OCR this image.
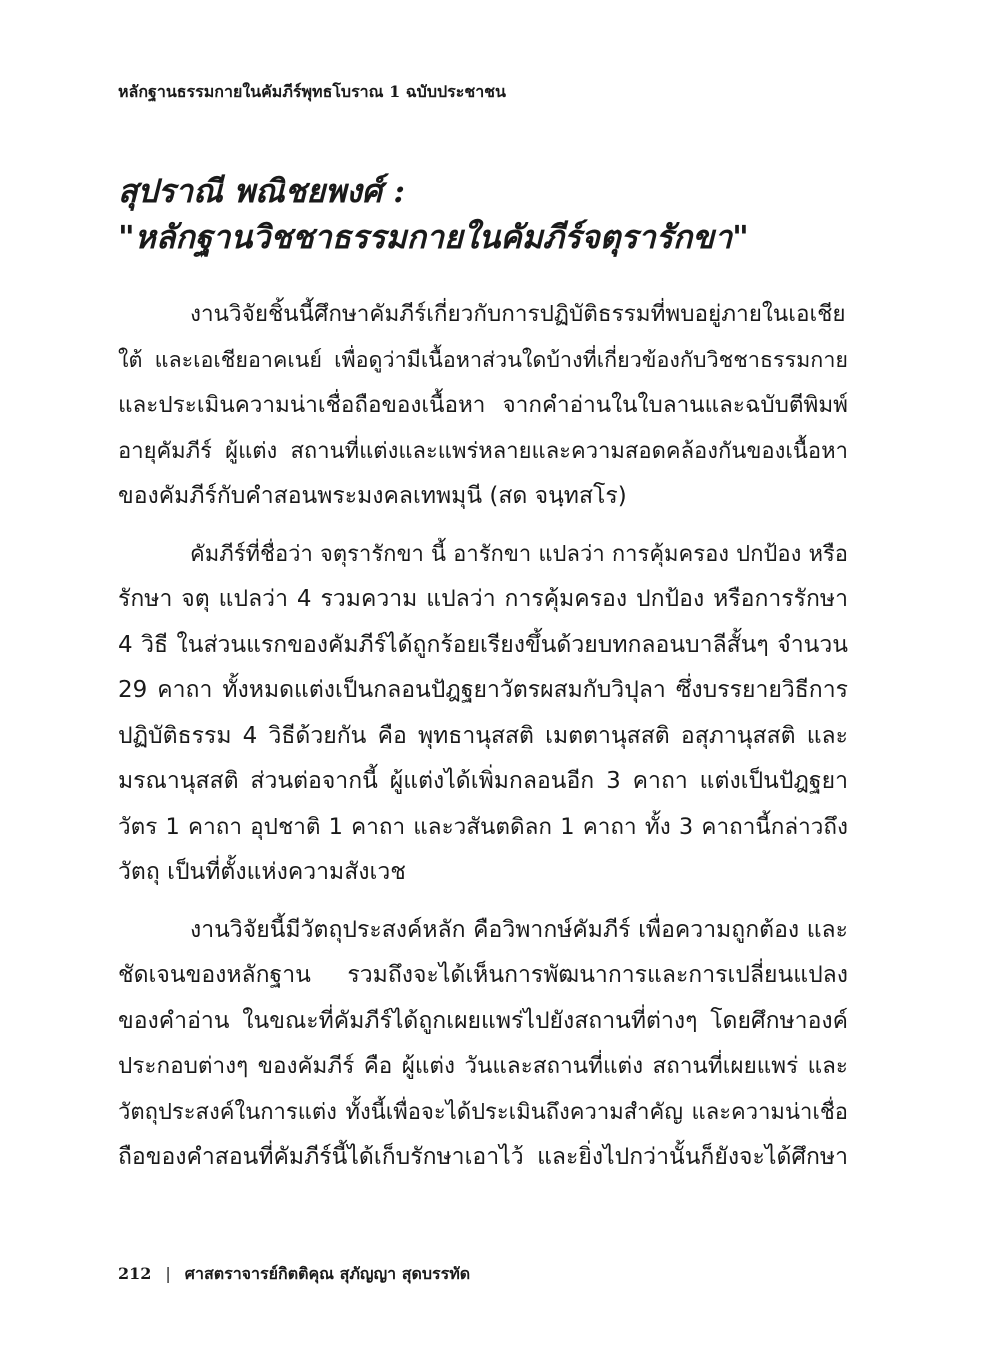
หลักฐานธรรมกายในคัมภีร์พุทธโบราณ 1 ฉบับประชาชน
สุปราณี พณิชยพงศ์ :
"หลักฐานวิชชาธรรมกายในคัมภีร์จตุรารักขา"
งานวิจัยชิ้นนี้ศึกษาคัมภีร์เกี่ยวกับการปฏิบัติธรรมที่พบอยู่ภายในเอเชีย
ใต้ และเอเชียอาคเนย์ เพื่อดูว่ามีเนื้อหาส่วนใดบ้างที่เกี่ยวข้องกับวิชชาธรรมกาย
และประเมินความน่าเชื่อถือของเนื้อหา จากคำอ่านในใบลานและฉบับตีพิมพ์
อายุคัมภีร์ ผู้แต่ง สถานที่แต่งและแพร่หลายและความสอดคล้องกันของเนื้อหา
ของคัมภีร์กับคำสอนพระมงคลเทพมุนี (สด จนฺทสโร)
คัมภีร์ที่ชื่อว่า จตุรารักขา นี้ อารักขา แปลว่า การคุ้มครอง ปกป้อง หรือ
รักษา จตุ แปลว่า 4 รวมความ แปลว่า การคุ้มครอง ปกป้อง หรือการรักษา
4 วิธี ในส่วนแรกของคัมภีร์ได้ถูกร้อยเรียงขึ้นด้วยบทกลอนบาลีสั้นๆ จำนวน
29 คาถา ทั้งหมดแต่งเป็นกลอนปัฎฐยาวัตรผสมกับวิปุลา ซึ่งบรรยายวิธีการ
ปฏิบัติธรรม 4 วิธีด้วยกัน คือ พุทธานุสสติ เมตตานุสสติ อสุภานุสสติ และ
มรณานุสสติ ส่วนต่อจากนี้ ผู้แต่งได้เพิ่มกลอนอีก 3 คาถา แต่งเป็นปัฎฐยา
วัตร 1 คาถา อุปชาติ 1 คาถา และวสันตดิลก 1 คาถา ทั้ง 3 คาถานี้กล่าวถึง
วัตถุ เป็นที่ตั้งแห่งความสังเวช
งานวิจัยนี้มีวัตถุประสงค์หลัก คือวิพากษ์คัมภีร์ เพื่อความถูกต้อง และ
ชัดเจนของหลักฐาน รวมถึงจะได้เห็นการพัฒนาการและการเปลี่ยนแปลง
ของคำอ่าน ในขณะที่คัมภีร์ได้ถูกเผยแพร่ไปยังสถานที่ต่างๆ โดยศึกษาองค์
ประกอบต่างๆ ของคัมภีร์ คือ ผู้แต่ง วันและสถานที่แต่ง สถานที่เผยแพร่ และ
วัตถุประสงค์ในการแต่ง ทั้งนี้เพื่อจะได้ประเมินถึงความสำคัญ และความน่าเชื่อ
ถือของคำสอนที่คัมภีร์นี้ได้เก็บรักษาเอาไว้ และยิ่งไปกว่านั้นก็ยังจะได้ศึกษา
212 | ศาสตราจารย์กิตติคุณ สุภัญญา สุดบรรทัด
